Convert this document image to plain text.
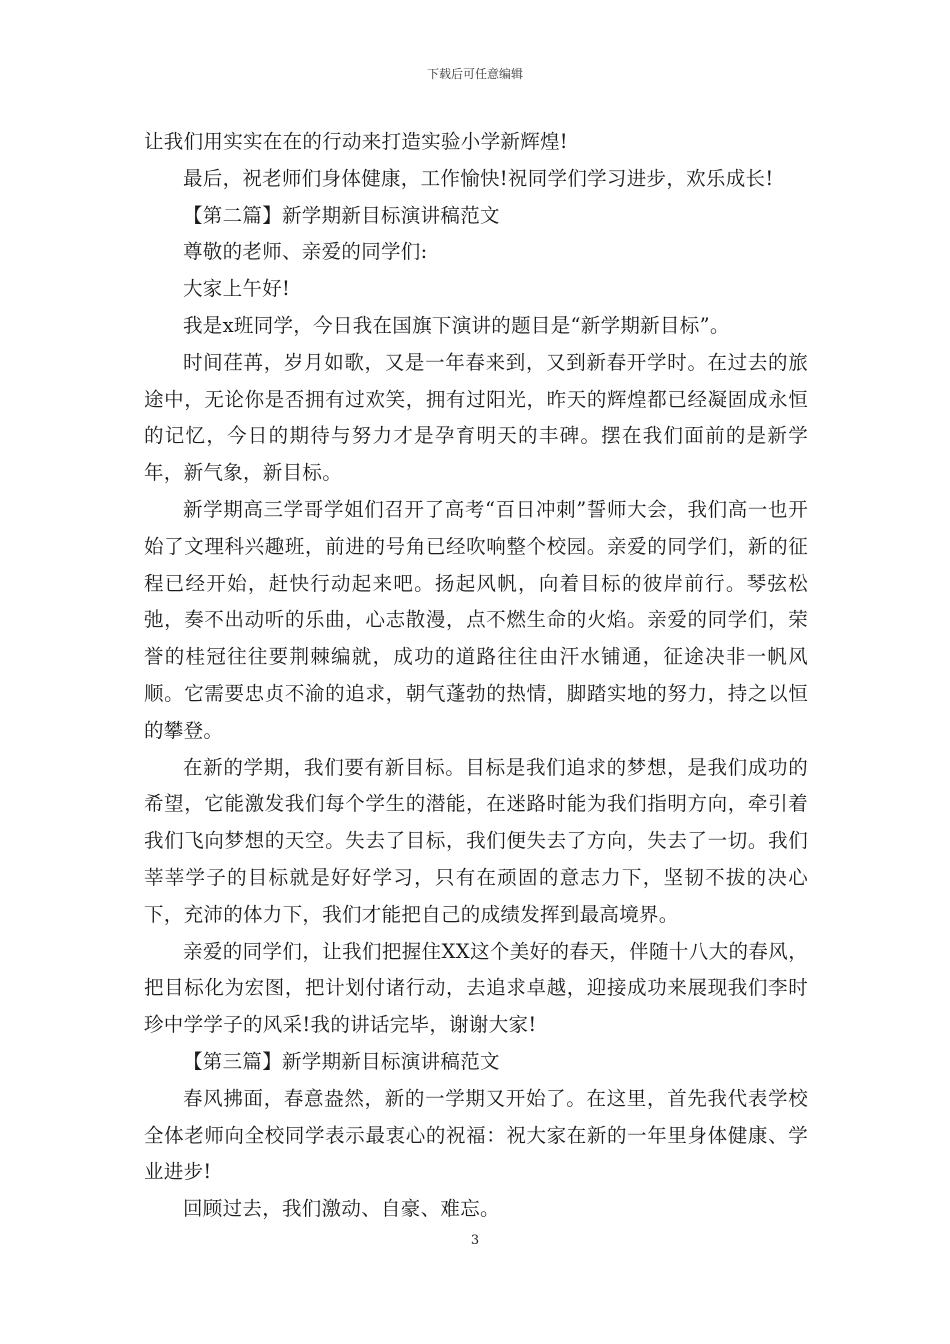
下载后可任意编辑

让我们用实实在在的行动来打造实验小学新辉煌!

最后，祝老师们身体健康，工作愉快!祝同学们学习进步，欢乐成长!

【第二篇】新学期新目标演讲稿范文

尊敬的老师、亲爱的同学们:

大家上午好!

我是x班同学，今日我在国旗下演讲的题目是“新学期新目标”。

时间荏苒，岁月如歌，又是一年春来到，又到新春开学时。在过去的旅途中，无论你是否拥有过欢笑，拥有过阳光，昨天的辉煌都已经凝固成永恒的记忆，今日的期待与努力才是孕育明天的丰碑。摆在我们面前的是新学年，新气象，新目标。

新学期高三学哥学姐们召开了高考“百日冲刺”誓师大会，我们高一也开始了文理科兴趣班，前进的号角已经吹响整个校园。亲爱的同学们，新的征程已经开始，赶快行动起来吧。扬起风帆，向着目标的彼岸前行。琴弦松弛，奏不出动听的乐曲，心志散漫，点不燃生命的火焰。亲爱的同学们，荣誉的桂冠往往要荆棘编就，成功的道路往往由汗水铺通，征途决非一帆风顺。它需要忠贞不渝的追求，朝气蓬勃的热情，脚踏实地的努力，持之以恒的攀登。

在新的学期，我们要有新目标。目标是我们追求的梦想，是我们成功的希望，它能激发我们每个学生的潜能，在迷路时能为我们指明方向，牵引着我们飞向梦想的天空。失去了目标，我们便失去了方向，失去了一切。我们莘莘学子的目标就是好好学习，只有在顽固的意志力下，坚韧不拔的决心下，充沛的体力下，我们才能把自己的成绩发挥到最高境界。

亲爱的同学们，让我们把握住XX这个美好的春天，伴随十八大的春风，把目标化为宏图，把计划付诸行动，去追求卓越，迎接成功来展现我们李时珍中学学子的风采!我的讲话完毕，谢谢大家!

【第三篇】新学期新目标演讲稿范文

春风拂面，春意盎然，新的一学期又开始了。在这里，首先我代表学校全体老师向全校同学表示最衷心的祝福：祝大家在新的一年里身体健康、学业进步!

回顾过去，我们激动、自豪、难忘。

3
